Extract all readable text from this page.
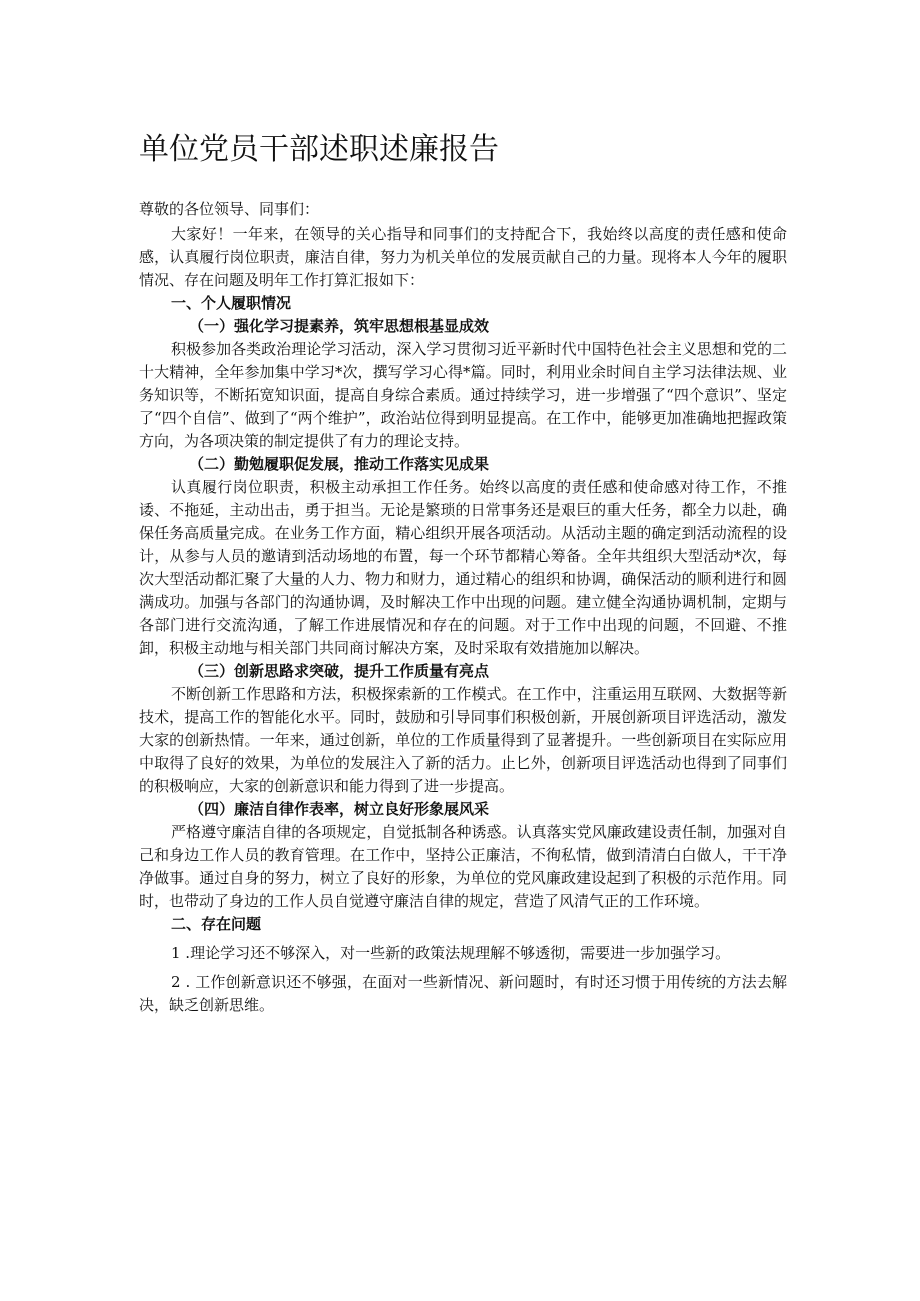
单位党员干部述职述廉报告

尊敬的各位领导、同事们：

大家好！一年来，在领导的关心指导和同事们的支持配合下，我始终以高度的责任感和使命感，认真履行岗位职责，廉洁自律，努力为机关单位的发展贡献自己的力量。现将本人今年的履职情况、存在问题及明年工作打算汇报如下：

一、个人履职情况

（一）强化学习提素养，筑牢思想根基显成效

积极参加各类政治理论学习活动，深入学习贯彻习近平新时代中国特色社会主义思想和党的二十大精神，全年参加集中学习*次，撰写学习心得*篇。同时，利用业余时间自主学习法律法规、业务知识等，不断拓宽知识面，提高自身综合素质。通过持续学习，进一步增强了“四个意识”、坚定了“四个自信”、做到了“两个维护”，政治站位得到明显提高。在工作中，能够更加准确地把握政策方向，为各项决策的制定提供了有力的理论支持。

（二）勤勉履职促发展，推动工作落实见成果

认真履行岗位职责，积极主动承担工作任务。始终以高度的责任感和使命感对待工作，不推诿、不拖延，主动出击，勇于担当。无论是繁琐的日常事务还是艰巨的重大任务，都全力以赴，确保任务高质量完成。在业务工作方面，精心组织开展各项活动。从活动主题的确定到活动流程的设计，从参与人员的邀请到活动场地的布置，每一个环节都精心筹备。全年共组织大型活动*次，每次大型活动都汇聚了大量的人力、物力和财力，通过精心的组织和协调，确保活动的顺利进行和圆满成功。加强与各部门的沟通协调，及时解决工作中出现的问题。建立健全沟通协调机制，定期与各部门进行交流沟通，了解工作进展情况和存在的问题。对于工作中出现的问题，不回避、不推卸，积极主动地与相关部门共同商讨解决方案，及时采取有效措施加以解决。

（三）创新思路求突破，提升工作质量有亮点

不断创新工作思路和方法，积极探索新的工作模式。在工作中，注重运用互联网、大数据等新技术，提高工作的智能化水平。同时，鼓励和引导同事们积极创新，开展创新项目评选活动，激发大家的创新热情。一年来，通过创新，单位的工作质量得到了显著提升。一些创新项目在实际应用中取得了良好的效果，为单位的发展注入了新的活力。止匕外，创新项目评选活动也得到了同事们的积极响应，大家的创新意识和能力得到了进一步提高。

（四）廉洁自律作表率，树立良好形象展风采

严格遵守廉洁自律的各项规定，自觉抵制各种诱惑。认真落实党风廉政建设责任制，加强对自己和身边工作人员的教育管理。在工作中，坚持公正廉洁，不徇私情，做到清清白白做人，干干净净做事。通过自身的努力，树立了良好的形象，为单位的党风廉政建设起到了积极的示范作用。同时，也带动了身边的工作人员自觉遵守廉洁自律的规定，营造了风清气正的工作环境。

二、存在问题

1 .理论学习还不够深入，对一些新的政策法规理解不够透彻，需要进一步加强学习。

2 . 工作创新意识还不够强，在面对一些新情况、新问题时，有时还习惯于用传统的方法去解决，缺乏创新思维。
